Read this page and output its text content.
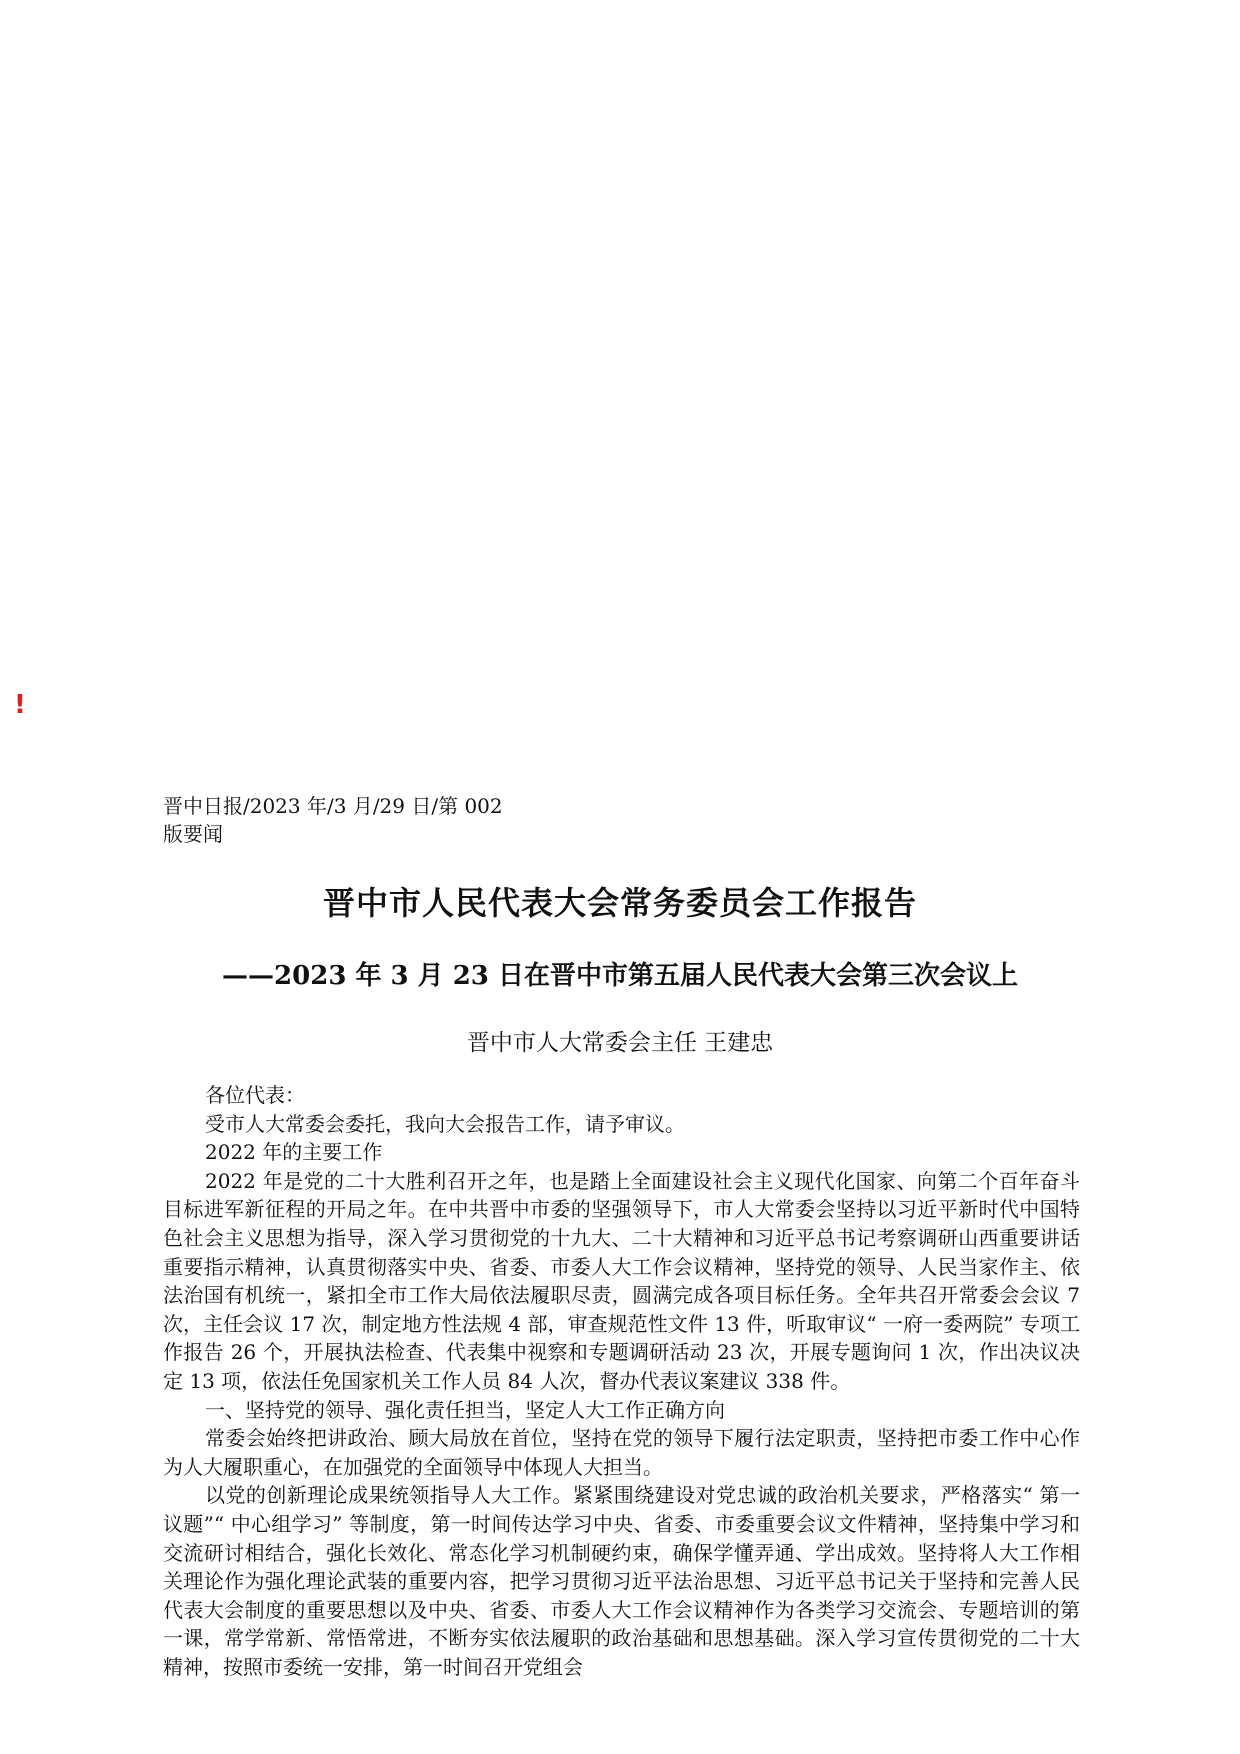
!
晋中日报/2023 年/3 月/29 日/第 002
版要闻
晋中市人民代表大会常务委员会工作报告
——2023 年 3 月 23 日在晋中市第五届人民代表大会第三次会议上
晋中市人大常委会主任 王建忠

各位代表：

受市人大常委会委托，我向大会报告工作，请予审议。

2022 年的主要工作

2022 年是党的二十大胜利召开之年，也是踏上全面建设社会主义现代化国家、向第二个百年奋斗目标进军新征程的开局之年。在中共晋中市委的坚强领导下，市人大常委会坚持以习近平新时代中国特色社会主义思想为指导，深入学习贯彻党的十九大、二十大精神和习近平总书记考察调研山西重要讲话重要指示精神，认真贯彻落实中央、省委、市委人大工作会议精神，坚持党的领导、人民当家作主、依法治国有机统一，紧扣全市工作大局依法履职尽责，圆满完成各项目标任务。全年共召开常委会会议 7 次，主任会议 17 次，制定地方性法规 4 部，审查规范性文件 13 件，听取审议“ 一府一委两院” 专项工作报告 26 个，开展执法检查、代表集中视察和专题调研活动 23 次，开展专题询问 1 次，作出决议决定 13 项，依法任免国家机关工作人员 84 人次，督办代表议案建议 338 件。

一、坚持党的领导、强化责任担当，坚定人大工作正确方向

常委会始终把讲政治、顾大局放在首位，坚持在党的领导下履行法定职责，坚持把市委工作中心作为人大履职重心，在加强党的全面领导中体现人大担当。

以党的创新理论成果统领指导人大工作。紧紧围绕建设对党忠诚的政治机关要求，严格落实“ 第一议题”“ 中心组学习” 等制度，第一时间传达学习中央、省委、市委重要会议文件精神，坚持集中学习和交流研讨相结合，强化长效化、常态化学习机制硬约束，确保学懂弄通、学出成效。坚持将人大工作相关理论作为强化理论武装的重要内容，把学习贯彻习近平法治思想、习近平总书记关于坚持和完善人民代表大会制度的重要思想以及中央、省委、市委人大工作会议精神作为各类学习交流会、专题培训的第一课，常学常新、常悟常进，不断夯实依法履职的政治基础和思想基础。深入学习宣传贯彻党的二十大精神，按照市委统一安排，第一时间召开党组会
